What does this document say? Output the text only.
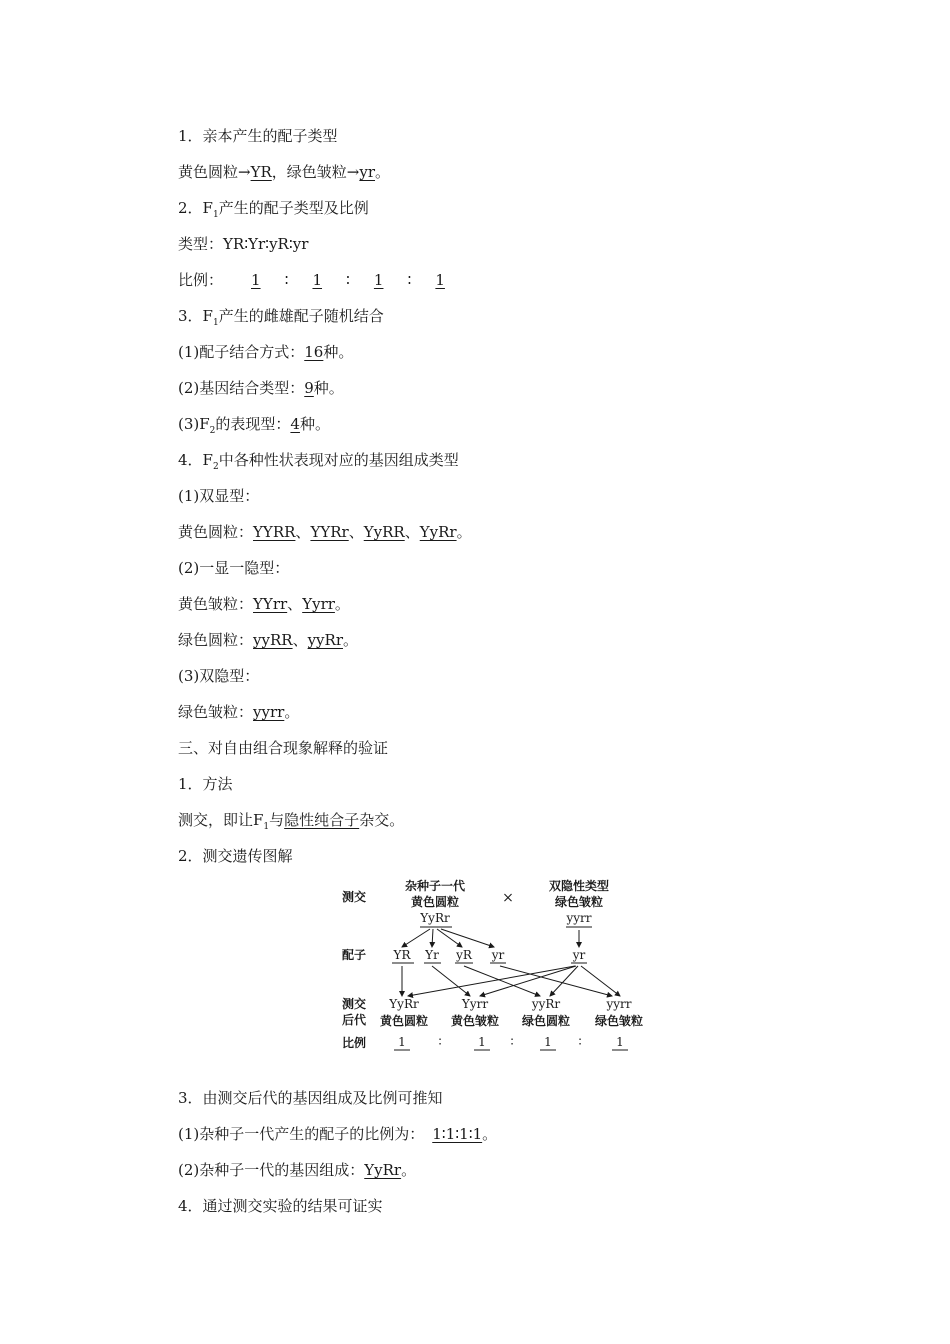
1．亲本产生的配子类型
黄色圆粒→YR，绿色皱粒→yr。
2．$F_1$产生的配子类型及比例
类型：YR∶Yr∶yR∶yr
比例： 1 ∶ 1 ∶ 1 ∶ 1
3．$F_1$产生的雌雄配子随机结合
(1)配子结合方式：16种。
(2)基因结合类型：9种。
$(3)F_2$的表现型：4种。
4．$F_2$中各种性状表现对应的基因组成类型
(1)双显型：
黄色圆粒：YYRR、YYRr、YyRR、YyRr。
(2)一显一隐型：
黄色皱粒：YYrr、Yyrr。
绿色圆粒：yyRR、yyRr。
(3)双隐型：
绿色皱粒：yyrr。
三、对自由组合现象解释的验证
1．方法
测交，即让$F_1$与隐性纯合子杂交。
2．测交遗传图解
测交
配子
测交
后代
比例
杂种子一代
黄色圆粒
YyRr
×
双隐性类型
绿色皱粒
yyrr
YR Yr yR yr	yr
YyRr	Yyrr	yyRr	yyrr
黄色圆粒 黄色皱粒 绿色圆粒 绿色皱粒
1	∶	1 ∶	1 ∶	1
3．由测交后代的基因组成及比例可推知
(1)杂种子一代产生的配子的比例为： 1∶1∶1∶1。
(2)杂种子一代的基因组成：YyRr。
4．通过测交实验的结果可证实
